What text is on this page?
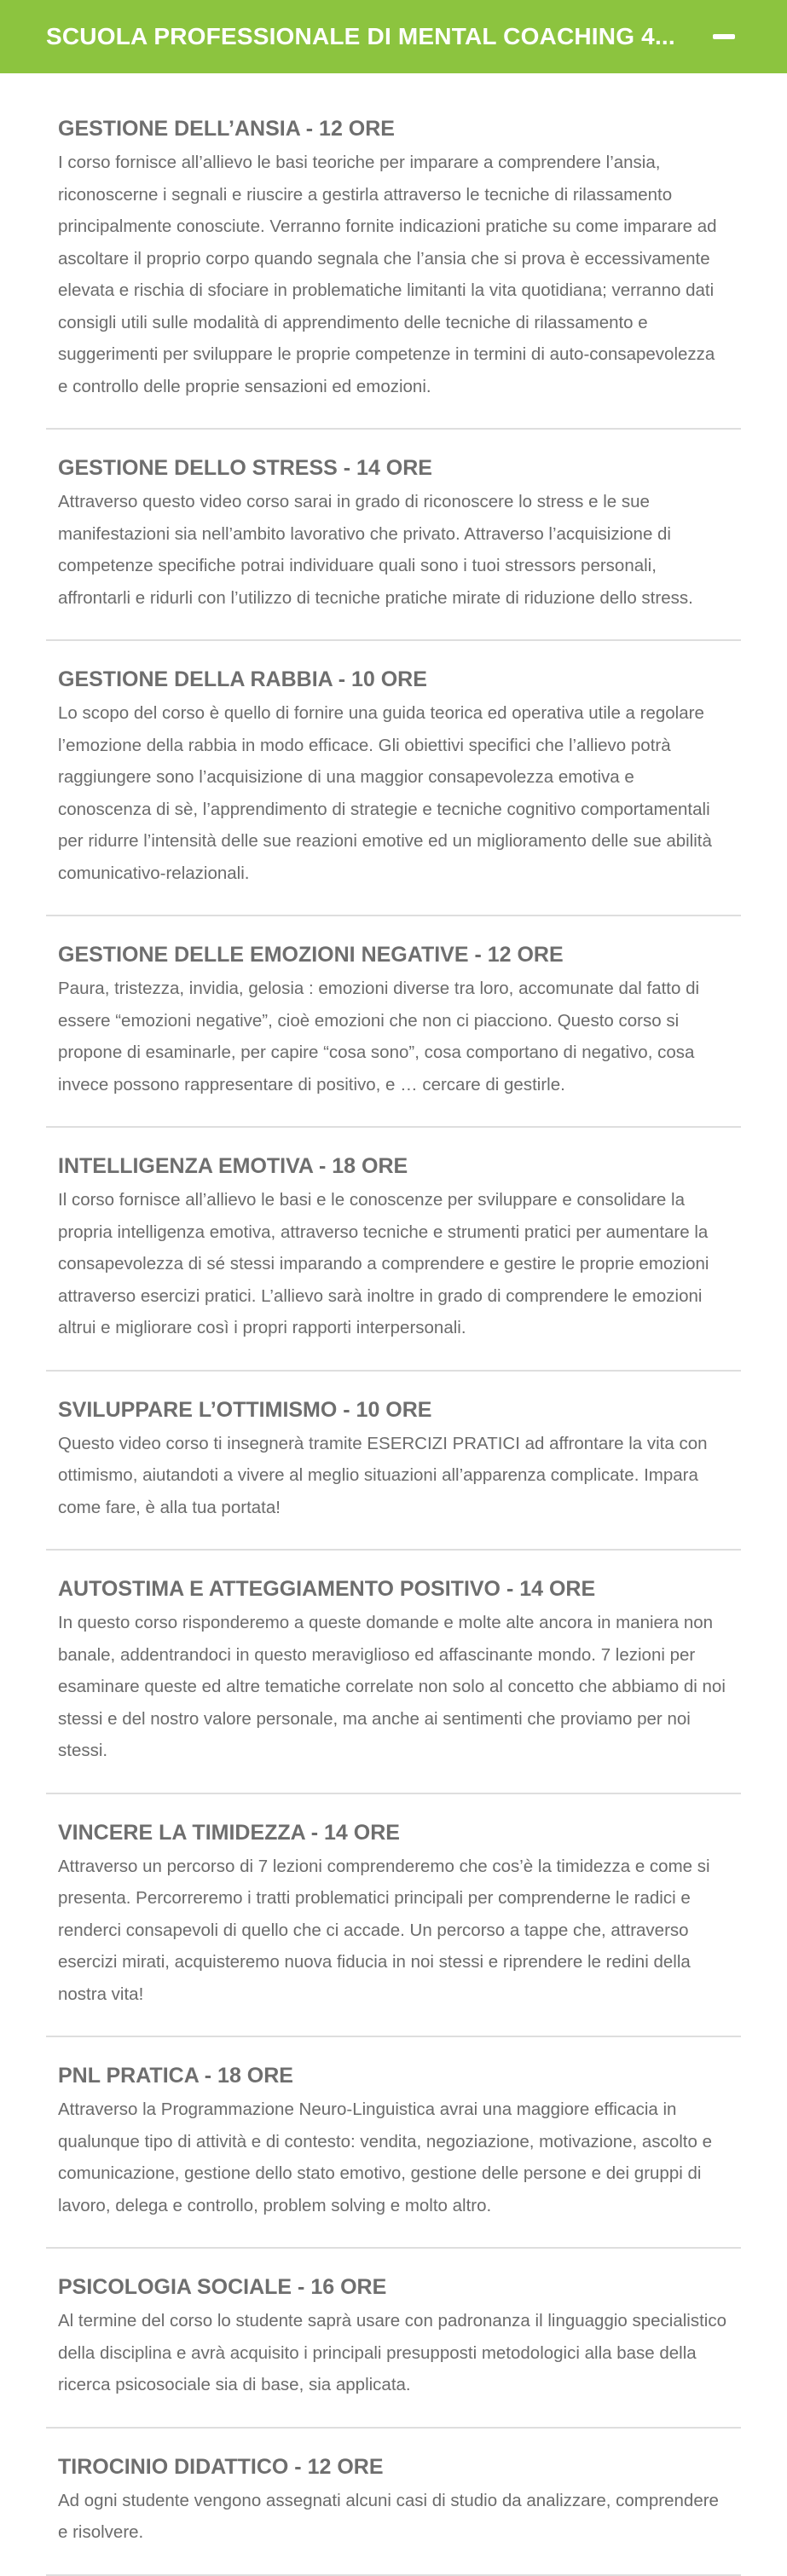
SCUOLA PROFESSIONALE DI MENTAL COACHING 4...
GESTIONE DELL’ANSIA - 12 ORE

I corso fornisce all’allievo le basi teoriche per imparare a comprendere l’ansia, riconoscerne i segnali e riuscire a gestirla attraverso le tecniche di rilassamento principalmente conosciute. Verranno fornite indicazioni pratiche su come imparare ad ascoltare il proprio corpo quando segnala che l’ansia che si prova è eccessivamente elevata e rischia di sfociare in problematiche limitanti la vita quotidiana; verranno dati consigli utili sulle modalità di apprendimento delle tecniche di rilassamento e suggerimenti per sviluppare le proprie competenze in termini di auto-consapevolezza e controllo delle proprie sensazioni ed emozioni.

GESTIONE DELLO STRESS - 14 ORE

Attraverso questo video corso sarai in grado di riconoscere lo stress e le sue manifestazioni sia nell’ambito lavorativo che privato. Attraverso l’acquisizione di competenze specifiche potrai individuare quali sono i tuoi stressors personali, affrontarli e ridurli con l’utilizzo di tecniche pratiche mirate di riduzione dello stress.

GESTIONE DELLA RABBIA - 10 ORE

Lo scopo del corso è quello di fornire una guida teorica ed operativa utile a regolare l’emozione della rabbia in modo efficace. Gli obiettivi specifici che l’allievo potrà raggiungere sono l’acquisizione di una maggior consapevolezza emotiva e conoscenza di sè, l’apprendimento di strategie e tecniche cognitivo comportamentali per ridurre l’intensità delle sue reazioni emotive ed un miglioramento delle sue abilità comunicativo-relazionali.

GESTIONE DELLE EMOZIONI NEGATIVE - 12 ORE

Paura, tristezza, invidia, gelosia : emozioni diverse tra loro, accomunate dal fatto di essere “emozioni negative”, cioè emozioni che non ci piacciono. Questo corso si propone di esaminarle, per capire “cosa sono”, cosa comportano di negativo, cosa invece possono rappresentare di positivo, e … cercare di gestirle.

INTELLIGENZA EMOTIVA - 18 ORE

Il corso fornisce all’allievo le basi e le conoscenze per sviluppare e consolidare la propria intelligenza emotiva, attraverso tecniche e strumenti pratici per aumentare la consapevolezza di sé stessi imparando a comprendere e gestire le proprie emozioni attraverso esercizi pratici. L’allievo sarà inoltre in grado di comprendere le emozioni altrui e migliorare così i propri rapporti interpersonali.

SVILUPPARE L’OTTIMISMO - 10 ORE

Questo video corso ti insegnerà tramite ESERCIZI PRATICI ad affrontare la vita con ottimismo, aiutandoti a vivere al meglio situazioni all’apparenza complicate. Impara come fare, è alla tua portata!

AUTOSTIMA E ATTEGGIAMENTO POSITIVO - 14 ORE

In questo corso risponderemo a queste domande e molte alte ancora in maniera non banale, addentrandoci in questo meraviglioso ed affascinante mondo. 7 lezioni per esaminare queste ed altre tematiche correlate non solo al concetto che abbiamo di noi stessi e del nostro valore personale, ma anche ai sentimenti che proviamo per noi stessi.

VINCERE LA TIMIDEZZA - 14 ORE

Attraverso un percorso di 7 lezioni comprenderemo che cos’è la timidezza e come si presenta. Percorreremo i tratti problematici principali per comprenderne le radici e renderci consapevoli di quello che ci accade. Un percorso a tappe che, attraverso esercizi mirati, acquisteremo nuova fiducia in noi stessi e riprendere le redini della nostra vita!

PNL PRATICA - 18 ORE

Attraverso la Programmazione Neuro-Linguistica avrai una maggiore efficacia in qualunque tipo di attività e di contesto: vendita, negoziazione, motivazione, ascolto e comunicazione, gestione dello stato emotivo, gestione delle persone e dei gruppi di lavoro, delega e controllo, problem solving e molto altro.

PSICOLOGIA SOCIALE - 16 ORE

Al termine del corso lo studente saprà usare con padronanza il linguaggio specialistico della disciplina e avrà acquisito i principali presupposti metodologici alla base della ricerca psicosociale sia di base, sia applicata.

TIROCINIO DIDATTICO - 12 ORE

Ad ogni studente vengono assegnati alcuni casi di studio da analizzare, comprendere e risolvere.
